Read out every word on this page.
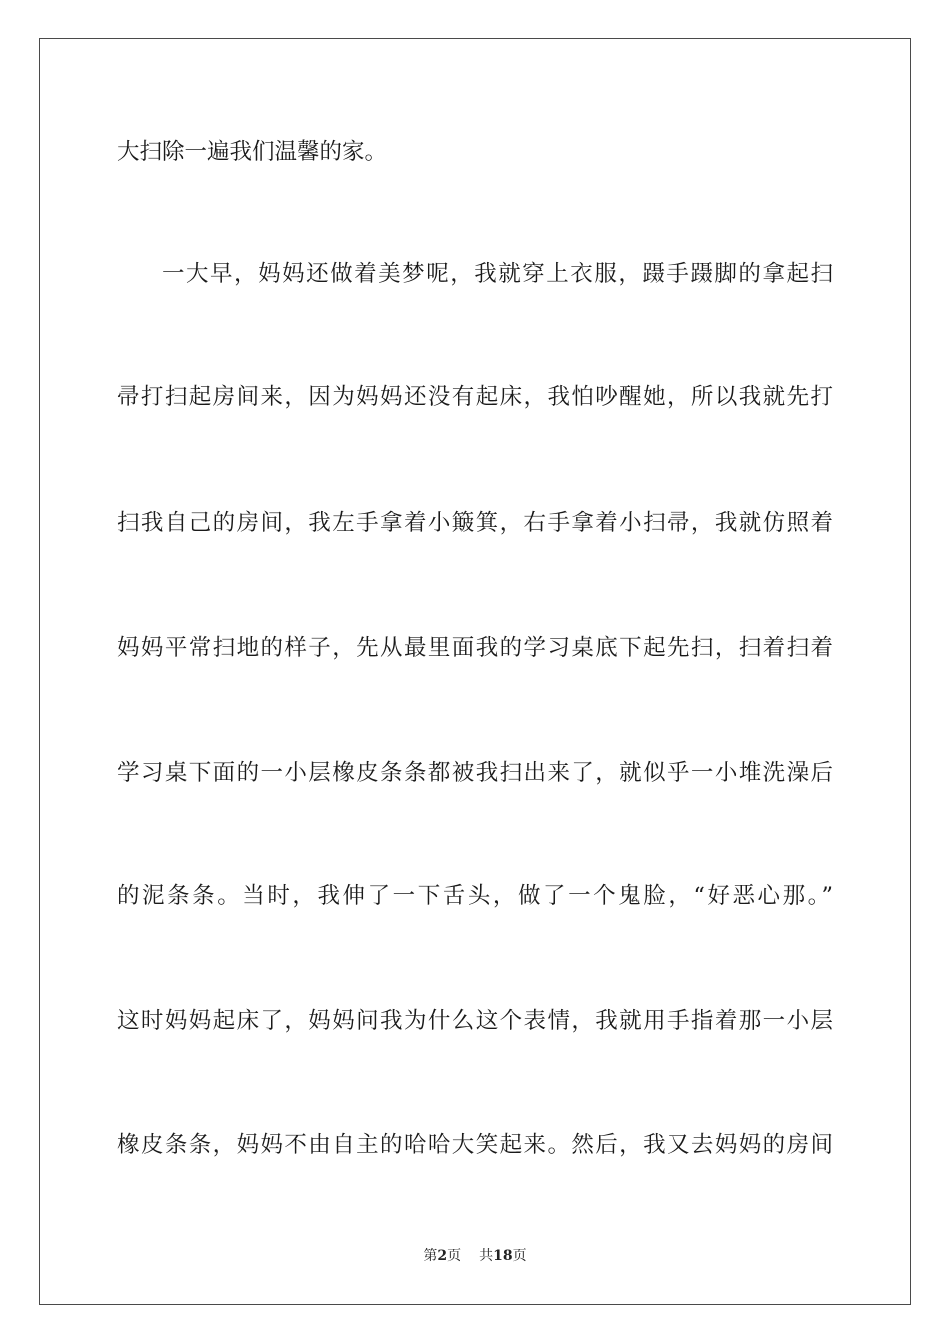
大扫除一遍我们温馨的家。
一大早，妈妈还做着美梦呢，我就穿上衣服，蹑手蹑脚的拿起扫
帚打扫起房间来，因为妈妈还没有起床，我怕吵醒她，所以我就先打
扫我自己的房间，我左手拿着小簸箕，右手拿着小扫帚，我就仿照着
妈妈平常扫地的样子，先从最里面我的学习桌底下起先扫，扫着扫着
学习桌下面的一小层橡皮条条都被我扫出来了，就似乎一小堆洗澡后
的泥条条。当时，我伸了一下舌头，做了一个鬼脸，“好恶心那。”
这时妈妈起床了，妈妈问我为什么这个表情，我就用手指着那一小层
橡皮条条，妈妈不由自主的哈哈大笑起来。然后，我又去妈妈的房间
第2页 共18页
